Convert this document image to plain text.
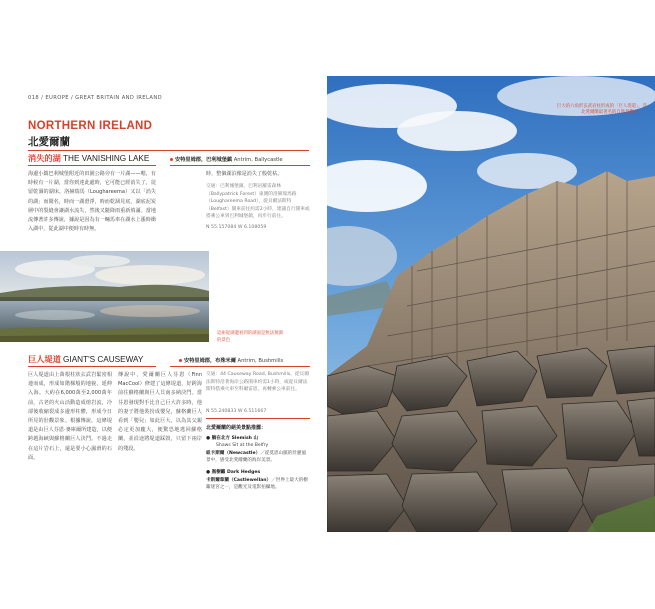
018 / EUROPE / GREAT BRITAIN AND IRELAND
NORTHERN IRELAND
北愛爾蘭
消失的湖 THE VANISHING LAKE	安特里姆郡，巴利城堡鎮 Antrim, Ballycastle
海邊小鎮巴利城堡附近的田園公路旁有一片湖——嗯，有時候有一片湖，當你到達此處時，它可能已經消失了，徒留乾涸的湖床。洛赫瑞馬（Loughareema）又以「消失的湖」而聞名，時而一湖澄淨，時而乾涸見底，湖底泥炭層中的裂縫會讓湖水流失，然後又隨降雨重新填滿。當地流傳著許多傳說，據說是因為有一輛馬車在湖水上漲時衝入湖中，從此湖中便時有時無。
時，整個湖泊像是消失了般乾枯。
交通：巴利城堡鎮、巴利岩羅雷森林（Ballypatrick Forest）東側的洛赫瑞馬路（Loughareema Road），從貝爾法斯特（Belfast）開車前往約需2小時，建議自行開車或搭乘公車到巴利城堡鎮，再步行前往。
N 55.157084 W 6.108059
這座從湖邊看到的湖面是無法預測的景色
巨人堤道 GIANT'S CAUSEWAY	安特里姆郡，布殊米爾 Antrim, Bushmills
巨人堤道由上萬根柱狀玄武岩緊密相連而成，形成如階梯般的地貌，延伸入海。大約在6,000萬至2,000萬年前，古老的火山活動造成熔岩流，冷卻後收縮裂成多邊形柱體，形成今日所見的壯觀景象。根據傳說，這條堤道是由巨人芬恩·麥庫爾所建造，以便跨越海峽與蘇格蘭巨人決鬥。不過走在這片岩石上，還是要小心濕滑的石面。
傳說中，愛爾蘭巨人芬恩（Finn MacCool）修建了這條堤道，好跨海前往蘇格蘭與巨人貝南多納決鬥。當芬恩發現對手比自己巨大許多時，他的妻子將他裝扮成嬰兒，蘇格蘭巨人看到「嬰兒」如此巨大，以為其父親必定更加龐大，便驚恐地逃回蘇格蘭，並沿途將堤道踩毀，只留下兩岸的殘段。
交通：44 Causeway Road, Bushmills。從貝爾法斯特沿著海岸公路開車約需1小時，或從貝爾法斯特搭乘火車至科爾雷恩，再轉乘公車前往。
N 55.240833 W 6.511667
北愛爾蘭的絕美景點推薦：
● 躺在北方 Slemish 山
Shaws Sit at the Belfry
紐卡斯爾（Newcastle）／從莫恩山脈的壯麗風景中，感受北愛爾蘭的海岸美景。
● 黑樹籬 Dark Hedges
卡斯爾韋蘭（Castlewellan）／世界上最大的樹籬迷宮之一，是觀光及電影拍攝地。
巨大的六角形玄武岩柱形成的「巨人堤道」，是北愛爾蘭最著名的自然景觀之一。
